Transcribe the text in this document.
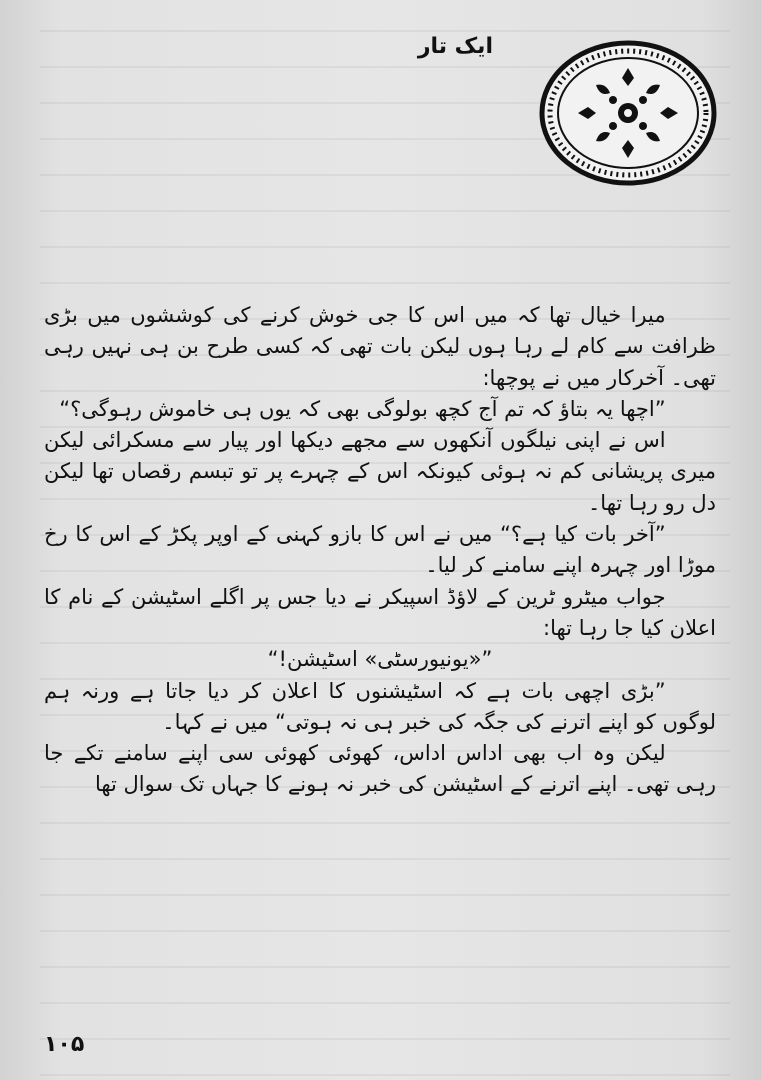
ایک تار

میرا خیال تھا کہ میں اس کا جی خوش کرنے کی کوششوں میں بڑی ظرافت سے کام لے رہا ہوں لیکن بات تھی کہ کسی طرح بن ہی نہیں رہی تھی۔ آخرکار میں نے پوچھا:

”اچھا یہ بتاؤ کہ تم آج کچھ بولوگی بھی کہ یوں ہی خاموش رہوگی؟“

اس نے اپنی نیلگوں آنکھوں سے مجھے دیکھا اور پیار سے مسکرائی لیکن میری پریشانی کم نہ ہوئی کیونکہ اس کے چہرے پر تو تبسم رقصاں تھا لیکن دل رو رہا تھا۔

”آخر بات کیا ہے؟“ میں نے اس کا بازو کہنی کے اوپر پکڑ کے اس کا رخ موڑا اور چہرہ اپنے سامنے کر لیا۔

جواب میٹرو ٹرین کے لاؤڈ اسپیکر نے دیا جس پر اگلے اسٹیشن کے نام کا اعلان کیا جا رہا تھا:

”«یونیورسٹی» اسٹیشن!“

”بڑی اچھی بات ہے کہ اسٹیشنوں کا اعلان کر دیا جاتا ہے ورنہ ہم لوگوں کو اپنے اترنے کی جگہ کی خبر ہی نہ ہوتی“ میں نے کہا۔

لیکن وہ اب بھی اداس اداس، کھوئی کھوئی سی اپنے سامنے تکے جا رہی تھی۔ اپنے اترنے کے اسٹیشن کی خبر نہ ہونے کا جہاں تک سوال تھا

۱۰۵
